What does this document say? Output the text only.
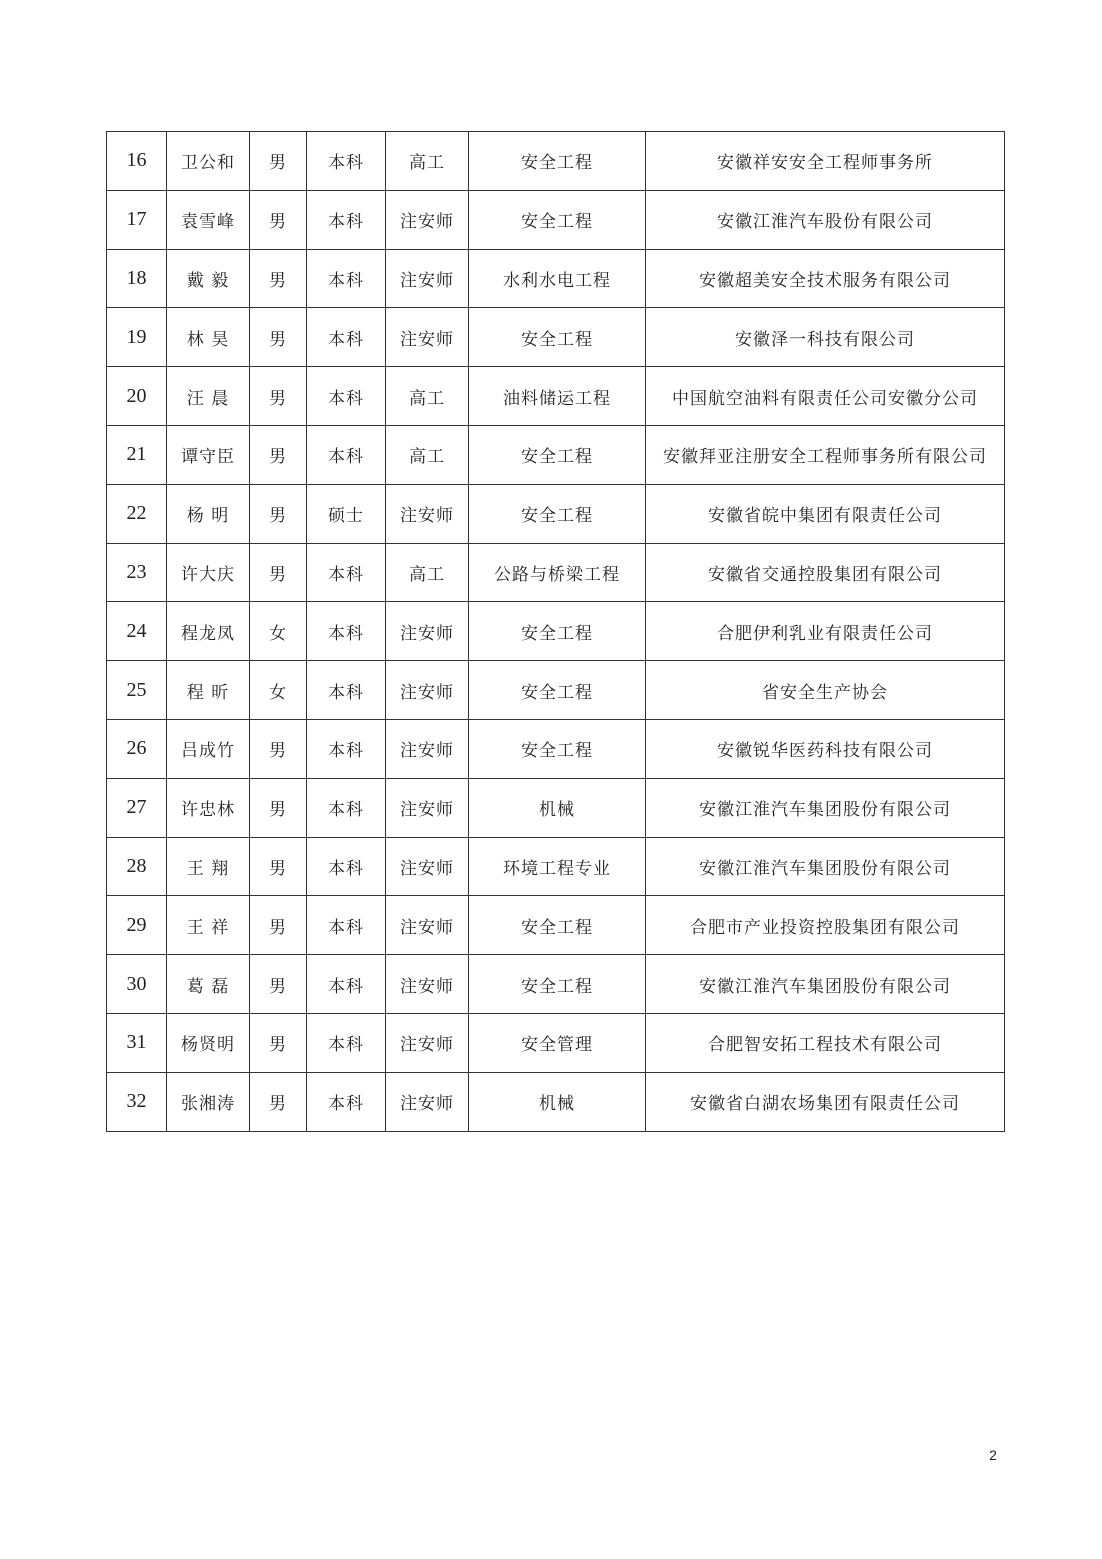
16	卫公和	男	本科	高工	安全工程	安徽祥安安全工程师事务所
17	袁雪峰	男	本科	注安师	安全工程	安徽江淮汽车股份有限公司
18	戴 毅	男	本科	注安师	水利水电工程	安徽超美安全技术服务有限公司
19	林 昊	男	本科	注安师	安全工程	安徽泽一科技有限公司
20	汪 晨	男	本科	高工	油料储运工程	中国航空油料有限责任公司安徽分公司
21	谭守臣	男	本科	高工	安全工程	安徽拜亚注册安全工程师事务所有限公司
22	杨 明	男	硕士	注安师	安全工程	安徽省皖中集团有限责任公司
23	许大庆	男	本科	高工	公路与桥梁工程	安徽省交通控股集团有限公司
24	程龙凤	女	本科	注安师	安全工程	合肥伊利乳业有限责任公司
25	程 昕	女	本科	注安师	安全工程	省安全生产协会
26	吕成竹	男	本科	注安师	安全工程	安徽锐华医药科技有限公司
27	许忠林	男	本科	注安师	机械	安徽江淮汽车集团股份有限公司
28	王 翔	男	本科	注安师	环境工程专业	安徽江淮汽车集团股份有限公司
29	王 祥	男	本科	注安师	安全工程	合肥市产业投资控股集团有限公司
30	葛 磊	男	本科	注安师	安全工程	安徽江淮汽车集团股份有限公司
31	杨贤明	男	本科	注安师	安全管理	合肥智安拓工程技术有限公司
32	张湘涛	男	本科	注安师	机械	安徽省白湖农场集团有限责任公司
2
